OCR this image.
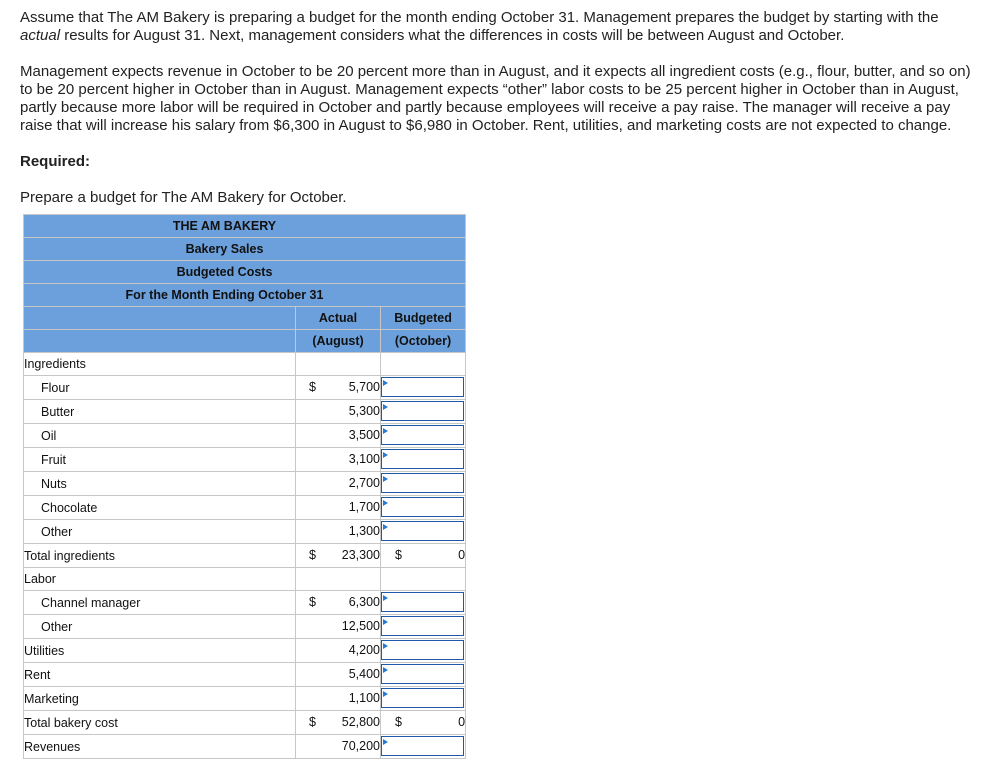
Assume that The AM Bakery is preparing a budget for the month ending October 31. Management prepares the budget by starting with the actual results for August 31. Next, management considers what the differences in costs will be between August and October.

Management expects revenue in October to be 20 percent more than in August, and it expects all ingredient costs (e.g., flour, butter, and so on) to be 20 percent higher in October than in August. Management expects “other” labor costs to be 25 percent higher in October than in August, partly because more labor will be required in October and partly because employees will receive a pay raise. The manager will receive a pay raise that will increase his salary from $6,300 in August to $6,980 in October. Rent, utilities, and marketing costs are not expected to change.

Required:

Prepare a budget for The AM Bakery for October.

THE AM BAKERY		
Bakery Sales		
Budgeted Costs		
For the Month Ending October 31		
	Actual	Budgeted
	(August)	(October)
Ingredients		
Flour	$ 5,700	

Butter	5,300	

Oil	3,500	

Fruit	3,100	

Nuts	2,700	

Chocolate	1,700	

Other	1,300	

Total ingredients	$ 23,300	$ 0
Labor		
Channel manager	$ 6,300	

Other	12,500	

Utilities	4,200	

Rent	5,400	

Marketing	1,100	

Total bakery cost	$ 52,800	$ 0
Revenues	70,200	
